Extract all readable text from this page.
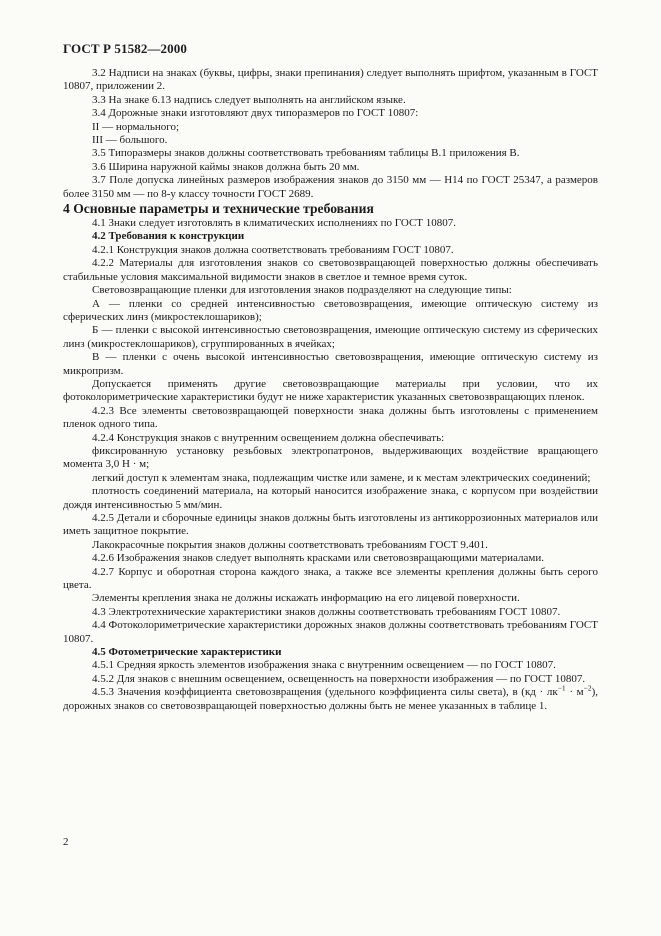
ГОСТ Р 51582—2000

3.2 Надписи на знаках (буквы, цифры, знаки препинания) следует выполнять шрифтом, указанным в ГОСТ 10807, приложении 2.

3.3 На знаке 6.13 надпись следует выполнять на английском языке.

3.4 Дорожные знаки изготовляют двух типоразмеров по ГОСТ 10807:

II — нормального;

III — большого.

3.5 Типоразмеры знаков должны соответствовать требованиям таблицы В.1 приложения В.

3.6 Ширина наружной каймы знаков должна быть 20 мм.

3.7 Поле допуска линейных размеров изображения знаков до 3150 мм — H14 по ГОСТ 25347, а размеров более 3150 мм — по 8-у классу точности ГОСТ 2689.

4 Основные параметры и технические требования

4.1 Знаки следует изготовлять в климатических исполнениях по ГОСТ 10807.

4.2 Требования к конструкции

4.2.1 Конструкция знаков должна соответствовать требованиям ГОСТ 10807.

4.2.2 Материалы для изготовления знаков со световозвращающей поверхностью должны обеспечивать стабильные условия максимальной видимости знаков в светлое и темное время суток.

Световозвращающие пленки для изготовления знаков подразделяют на следующие типы:

А — пленки со средней интенсивностью световозвращения, имеющие оптическую систему из сферических линз (микростеклошариков);

Б — пленки с высокой интенсивностью световозвращения, имеющие оптическую систему из сферических линз (микростеклошариков), сгруппированных в ячейках;

В — пленки с очень высокой интенсивностью световозвращения, имеющие оптическую систему из микропризм.

Допускается применять другие световозвращающие материалы при условии, что их фотоколориметрические характеристики будут не ниже характеристик указанных световозвращающих пленок.

4.2.3 Все элементы световозвращающей поверхности знака должны быть изготовлены с применением пленок одного типа.

4.2.4 Конструкция знаков с внутренним освещением должна обеспечивать:

фиксированную установку резьбовых электропатронов, выдерживающих воздействие вращающего момента 3,0 Н · м;

легкий доступ к элементам знака, подлежащим чистке или замене, и к местам электрических соединений;

плотность соединений материала, на который наносится изображение знака, с корпусом при воздействии дождя интенсивностью 5 мм/мин.

4.2.5 Детали и сборочные единицы знаков должны быть изготовлены из антикоррозионных материалов или иметь защитное покрытие.

Лакокрасочные покрытия знаков должны соответствовать требованиям ГОСТ 9.401.

4.2.6 Изображения знаков следует выполнять красками или световозвращающими материалами.

4.2.7 Корпус и оборотная сторона каждого знака, а также все элементы крепления должны быть серого цвета.

Элементы крепления знака не должны искажать информацию на его лицевой поверхности.

4.3 Электротехнические характеристики знаков должны соответствовать требованиям ГОСТ 10807.

4.4 Фотоколориметрические характеристики дорожных знаков должны соответствовать требованиям ГОСТ 10807.

4.5 Фотометрические характеристики

4.5.1 Средняя яркость элементов изображения знака с внутренним освещением — по ГОСТ 10807.

4.5.2 Для знаков с внешним освещением, освещенность на поверхности изображения — по ГОСТ 10807.

4.5.3 Значения коэффициента световозвращения (удельного коэффициента силы света), в $(кд \cdot лк^{-1} \cdot м^{-2})$, дорожных знаков со световозвращающей поверхностью должны быть не менее указанных в таблице 1.

2
